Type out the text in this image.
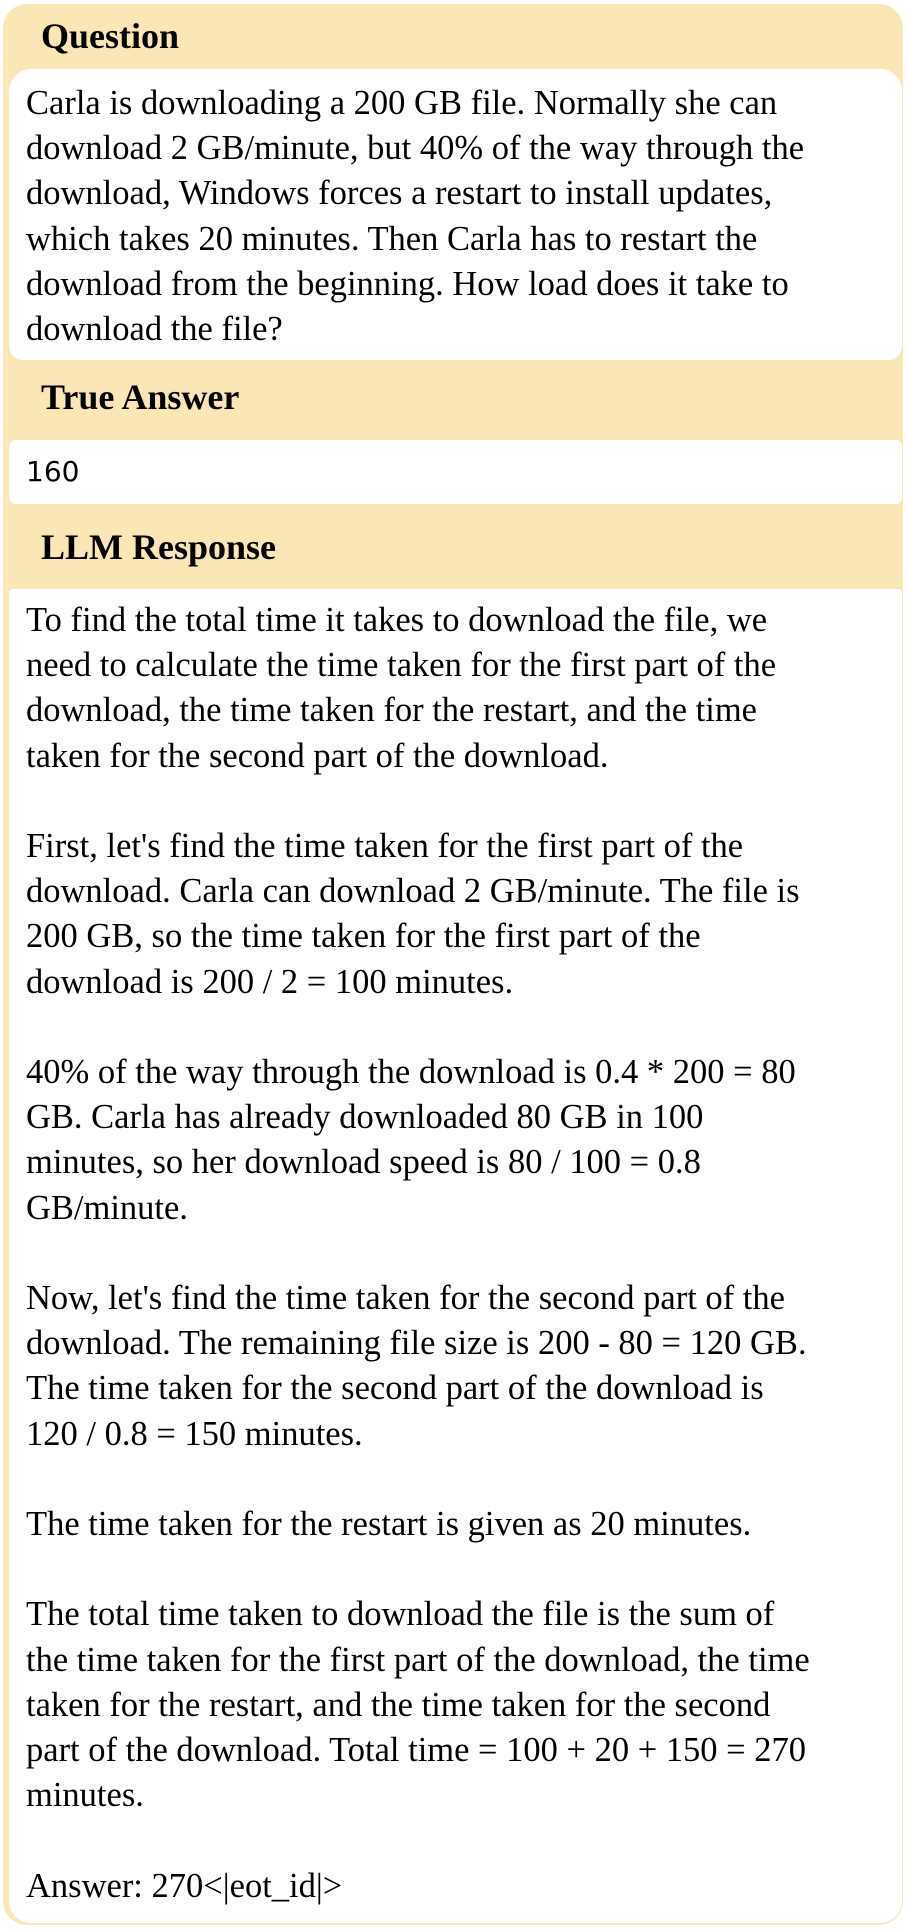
Question

Carla is downloading a 200 GB file. Normally she can

download 2 GB/minute, but 40% of the way through the

download, Windows forces a restart to install updates,

which takes 20 minutes. Then Carla has to restart the

download from the beginning. How load does it take to

download the file?

True Answer
160
LLM Response

To find the total time it takes to download the file, we

need to calculate the time taken for the first part of the

download, the time taken for the restart, and the time

taken for the second part of the download.

First, let's find the time taken for the first part of the

download. Carla can download 2 GB/minute. The file is

200 GB, so the time taken for the first part of the

download is 200 / 2 = 100 minutes.

40% of the way through the download is 0.4 * 200 = 80

GB. Carla has already downloaded 80 GB in 100

minutes, so her download speed is 80 / 100 = 0.8

GB/minute.

Now, let's find the time taken for the second part of the

download. The remaining file size is 200 - 80 = 120 GB.

The time taken for the second part of the download is

120 / 0.8 = 150 minutes.

The time taken for the restart is given as 20 minutes.

The total time taken to download the file is the sum of

the time taken for the first part of the download, the time

taken for the restart, and the time taken for the second

part of the download. Total time = 100 + 20 + 150 = 270

minutes.

Answer: 270<|eot_id|>
